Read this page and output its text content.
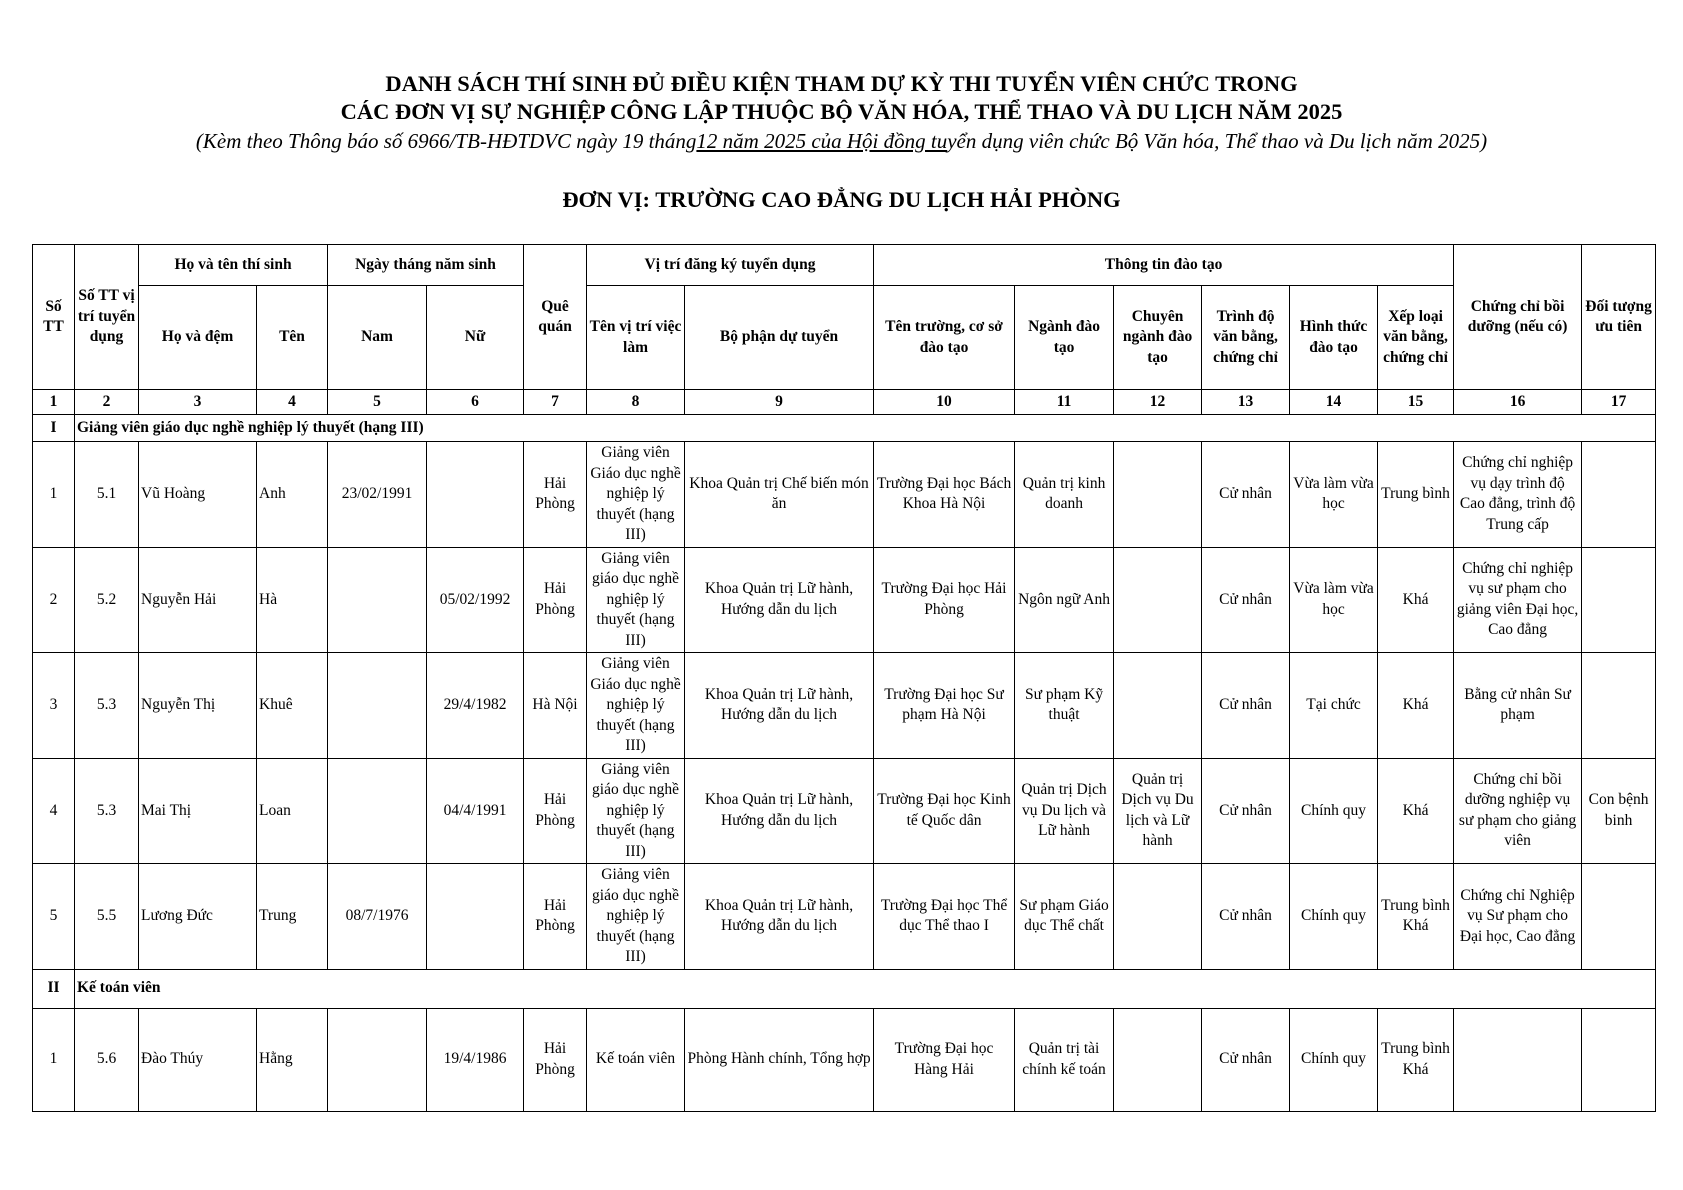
DANH SÁCH THÍ SINH ĐỦ ĐIỀU KIỆN THAM DỰ KỲ THI TUYỂN VIÊN CHỨC TRONG
CÁC ĐƠN VỊ SỰ NGHIỆP CÔNG LẬP THUỘC BỘ VĂN HÓA, THỂ THAO VÀ DU LỊCH NĂM 2025
(Kèm theo Thông báo số 6966/TB-HĐTDVC ngày 19 tháng12 năm 2025 của Hội đồng tuyển dụng viên chức Bộ Văn hóa, Thể thao và Du lịch năm 2025)
ĐƠN VỊ: TRƯỜNG CAO ĐẲNG DU LỊCH HẢI PHÒNG
Số TT	Số TT vị trí tuyển dụng	Họ và tên thí sinh		Ngày tháng năm sinh		Quê quán	Vị trí đăng ký tuyển dụng		Thông tin đào tạo						Chứng chỉ bồi dưỡng (nếu có)	Đối tượng ưu tiên
		Họ và đệm	Tên	Nam	Nữ		Tên vị trí việc làm	Bộ phận dự tuyển	Tên trường, cơ sở đào tạo	Ngành đào tạo	Chuyên ngành đào tạo	Trình độ văn bằng, chứng chỉ	Hình thức đào tạo	Xếp loại văn bằng, chứng chỉ		
1	2	3	4	5	6	7	8	9	10	11	12	13	14	15	16	17
I	Giảng viên giáo dục nghề nghiệp lý thuyết (hạng III)															
1	5.1	Vũ Hoàng	Anh	23/02/1991		Hải Phòng	Giảng viên Giáo dục nghề nghiệp lý thuyết (hạng III)	Khoa Quản trị Chế biến món ăn	Trường Đại học Bách Khoa Hà Nội	Quản trị kinh doanh		Cử nhân	Vừa làm vừa học	Trung bình	Chứng chỉ nghiệp vụ dạy trình độ Cao đẳng, trình độ Trung cấp	
2	5.2	Nguyễn Hải	Hà		05/02/1992	Hải Phòng	Giảng viên giáo dục nghề nghiệp lý thuyết (hạng III)	Khoa Quản trị Lữ hành, Hướng dẫn du lịch	Trường Đại học Hải Phòng	Ngôn ngữ Anh		Cử nhân	Vừa làm vừa học	Khá	Chứng chỉ nghiệp vụ sư phạm cho giảng viên Đại học, Cao đẳng	
3	5.3	Nguyễn Thị	Khuê		29/4/1982	Hà Nội	Giảng viên Giáo dục nghề nghiệp lý thuyết (hạng III)	Khoa Quản trị Lữ hành, Hướng dẫn du lịch	Trường Đại học Sư phạm Hà Nội	Sư phạm Kỹ thuật		Cử nhân	Tại chức	Khá	Bằng cử nhân Sư phạm	
4	5.3	Mai Thị	Loan		04/4/1991	Hải Phòng	Giảng viên giáo dục nghề nghiệp lý thuyết (hạng III)	Khoa Quản trị Lữ hành, Hướng dẫn du lịch	Trường Đại học Kinh tế Quốc dân	Quản trị Dịch vụ Du lịch và Lữ hành	Quản trị Dịch vụ Du lịch và Lữ hành	Cử nhân	Chính quy	Khá	Chứng chỉ bồi dưỡng nghiệp vụ sư phạm cho giảng viên	Con bệnh binh
5	5.5	Lương Đức	Trung	08/7/1976		Hải Phòng	Giảng viên giáo dục nghề nghiệp lý thuyết (hạng III)	Khoa Quản trị Lữ hành, Hướng dẫn du lịch	Trường Đại học Thể dục Thể thao I	Sư phạm Giáo dục Thể chất		Cử nhân	Chính quy	Trung bình Khá	Chứng chỉ Nghiệp vụ Sư phạm cho Đại học, Cao đẳng	
II	Kế toán viên															
1	5.6	Đào Thúy	Hằng		19/4/1986	Hải Phòng	Kế toán viên	Phòng Hành chính, Tổng hợp	Trường Đại học Hàng Hải	Quản trị tài chính kế toán		Cử nhân	Chính quy	Trung bình Khá		
